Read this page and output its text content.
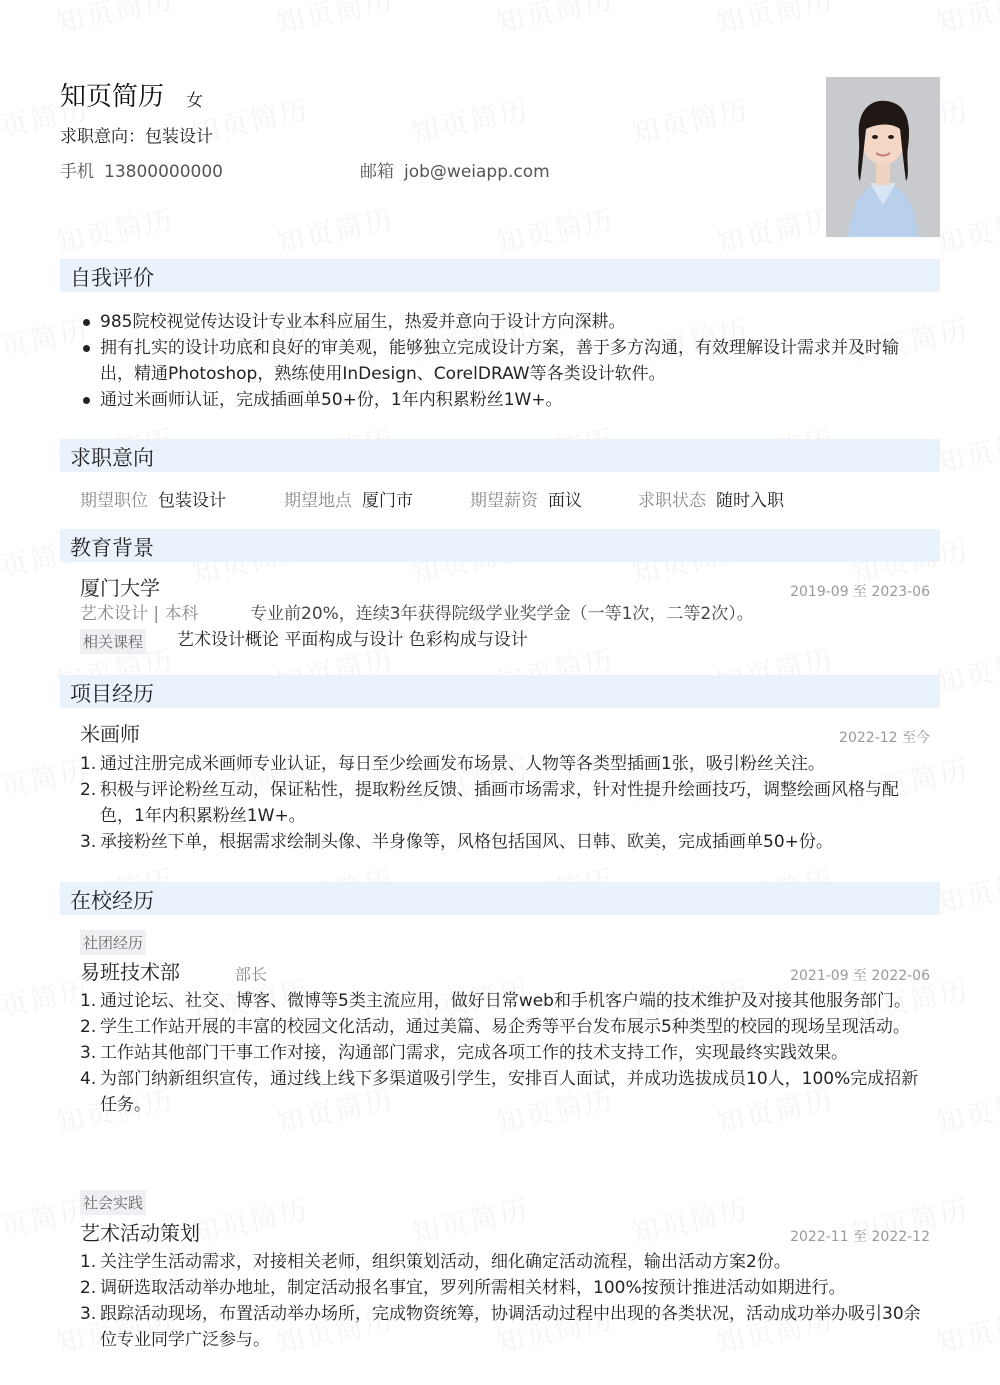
知页简历 女
求职意向：包装设计
手机 13800000000	邮箱 job@weiapp.com
自我评价
985院校视觉传达设计专业本科应届生，热爱并意向于设计方向深耕。
拥有扎实的设计功底和良好的审美观，能够独立完成设计方案，善于多方沟通，有效理解设计需求并及时输出，精通Photoshop，熟练使用InDesign、CorelDRAW等各类设计软件。
通过米画师认证，完成插画单50+份，1年内积累粉丝1W+。
求职意向
期望职位 包装设计	期望地点 厦门市	期望薪资 面议	求职状态 随时入职
教育背景
厦门大学	2019-09 至 2023-06
艺术设计 | 本科	专业前20%，连续3年获得院级学业奖学金（一等1次，二等2次）。
相关课程 艺术设计概论 平面构成与设计 色彩构成与设计
项目经历
米画师	2022-12 至今
1. 通过注册完成米画师专业认证，每日至少绘画发布场景、人物等各类型插画1张，吸引粉丝关注。
2. 积极与评论粉丝互动，保证粘性，提取粉丝反馈、插画市场需求，针对性提升绘画技巧，调整绘画风格与配色，1年内积累粉丝1W+。
3. 承接粉丝下单，根据需求绘制头像、半身像等，风格包括国风、日韩、欧美，完成插画单50+份。
在校经历
社团经历
易班技术部	部长	2021-09 至 2022-06
1. 通过论坛、社交、博客、微博等5类主流应用，做好日常web和手机客户端的技术维护及对接其他服务部门。
2. 学生工作站开展的丰富的校园文化活动，通过美篇、易企秀等平台发布展示5种类型的校园的现场呈现活动。
3. 工作站其他部门干事工作对接，沟通部门需求，完成各项工作的技术支持工作，实现最终实践效果。
4. 为部门纳新组织宣传，通过线上线下多渠道吸引学生，安排百人面试，并成功选拔成员10人，100%完成招新任务。
社会实践
艺术活动策划	2022-11 至 2022-12
1. 关注学生活动需求，对接相关老师，组织策划活动，细化确定活动流程，输出活动方案2份。
2. 调研选取活动举办地址，制定活动报名事宜，罗列所需相关材料，100%按预计推进活动如期进行。
3. 跟踪活动现场，布置活动举办场所，完成物资统筹，协调活动过程中出现的各类状况，活动成功举办吸引30余位专业同学广泛参与。
